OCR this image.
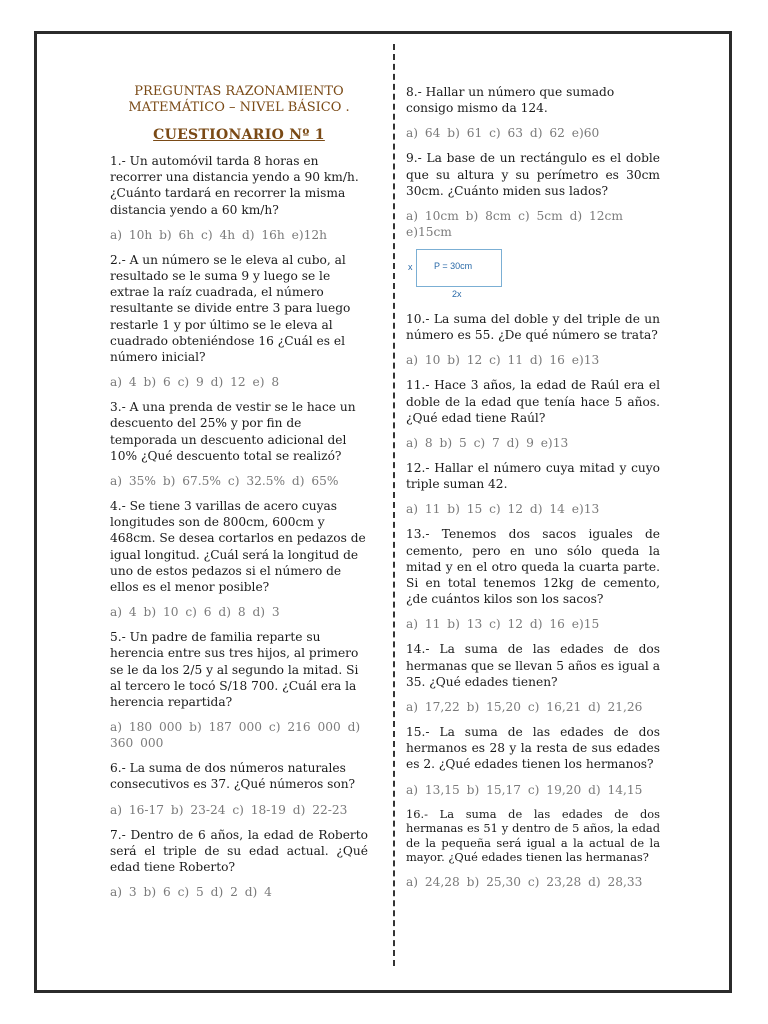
PREGUNTAS RAZONAMIENTO
MATEMÁTICO – NIVEL BÁSICO .
CUESTIONARIO Nº 1
1.- Un automóvil tarda 8 horas en recorrer una distancia yendo a 90 km/h. ¿Cuánto tardará en recorrer la misma distancia yendo a 60 km/h?
a) 10h b) 6h c) 4h d) 16h e)12h
2.- A un número se le eleva al cubo, al resultado se le suma 9 y luego se le extrae la raíz cuadrada, el número resultante se divide entre 3 para luego restarle 1 y por último se le eleva al cuadrado obteniéndose 16 ¿Cuál es el número inicial?
a) 4 b) 6 c) 9 d) 12 e) 8
3.- A una prenda de vestir se le hace un descuento del 25% y por fin de temporada un descuento adicional del 10% ¿Qué descuento total se realizó?
a) 35% b) 67.5% c) 32.5% d) 65%
4.- Se tiene 3 varillas de acero cuyas longitudes son de 800cm, 600cm y 468cm. Se desea cortarlos en pedazos de igual longitud. ¿Cuál será la longitud de uno de estos pedazos si el número de ellos es el menor posible?
a) 4 b) 10 c) 6 d) 8 d) 3
5.- Un padre de familia reparte su herencia entre sus tres hijos, al primero se le da los 2/5 y al segundo la mitad. Si al tercero le tocó S/18 700. ¿Cuál era la herencia repartida?
a) 180 000 b) 187 000 c) 216 000 d) 360 000
6.- La suma de dos números naturales consecutivos es 37. ¿Qué números son?
a) 16-17 b) 23-24 c) 18-19 d) 22-23
7.- Dentro de 6 años, la edad de Roberto será el triple de su edad actual. ¿Qué edad tiene Roberto?
a) 3 b) 6 c) 5 d) 2 d) 4
8.- Hallar un número que sumado consigo mismo da 124.
a) 64 b) 61 c) 63 d) 62 e)60
9.- La base de un rectángulo es el doble que su altura y su perímetro es 30cm 30cm. ¿Cuánto miden sus lados?
a) 10cm b) 8cm c) 5cm d) 12cm e)15cm
x P = 30cm
2x
10.- La suma del doble y del triple de un número es 55. ¿De qué número se trata?
a) 10 b) 12 c) 11 d) 16 e)13
11.- Hace 3 años, la edad de Raúl era el doble de la edad que tenía hace 5 años. ¿Qué edad tiene Raúl?
a) 8 b) 5 c) 7 d) 9 e)13
12.- Hallar el número cuya mitad y cuyo triple suman 42.
a) 11 b) 15 c) 12 d) 14 e)13
13.- Tenemos dos sacos iguales de cemento, pero en uno sólo queda la mitad y en el otro queda la cuarta parte. Si en total tenemos 12kg de cemento, ¿de cuántos kilos son los sacos?
a) 11 b) 13 c) 12 d) 16 e)15
14.- La suma de las edades de dos hermanas que se llevan 5 años es igual a 35. ¿Qué edades tienen?
a) 17,22 b) 15,20 c) 16,21 d) 21,26
15.- La suma de las edades de dos hermanos es 28 y la resta de sus edades es 2. ¿Qué edades tienen los hermanos?
a) 13,15 b) 15,17 c) 19,20 d) 14,15
16.- La suma de las edades de dos hermanas es 51 y dentro de 5 años, la edad de la pequeña será igual a la actual de la mayor. ¿Qué edades tienen las hermanas?
a) 24,28 b) 25,30 c) 23,28 d) 28,33
